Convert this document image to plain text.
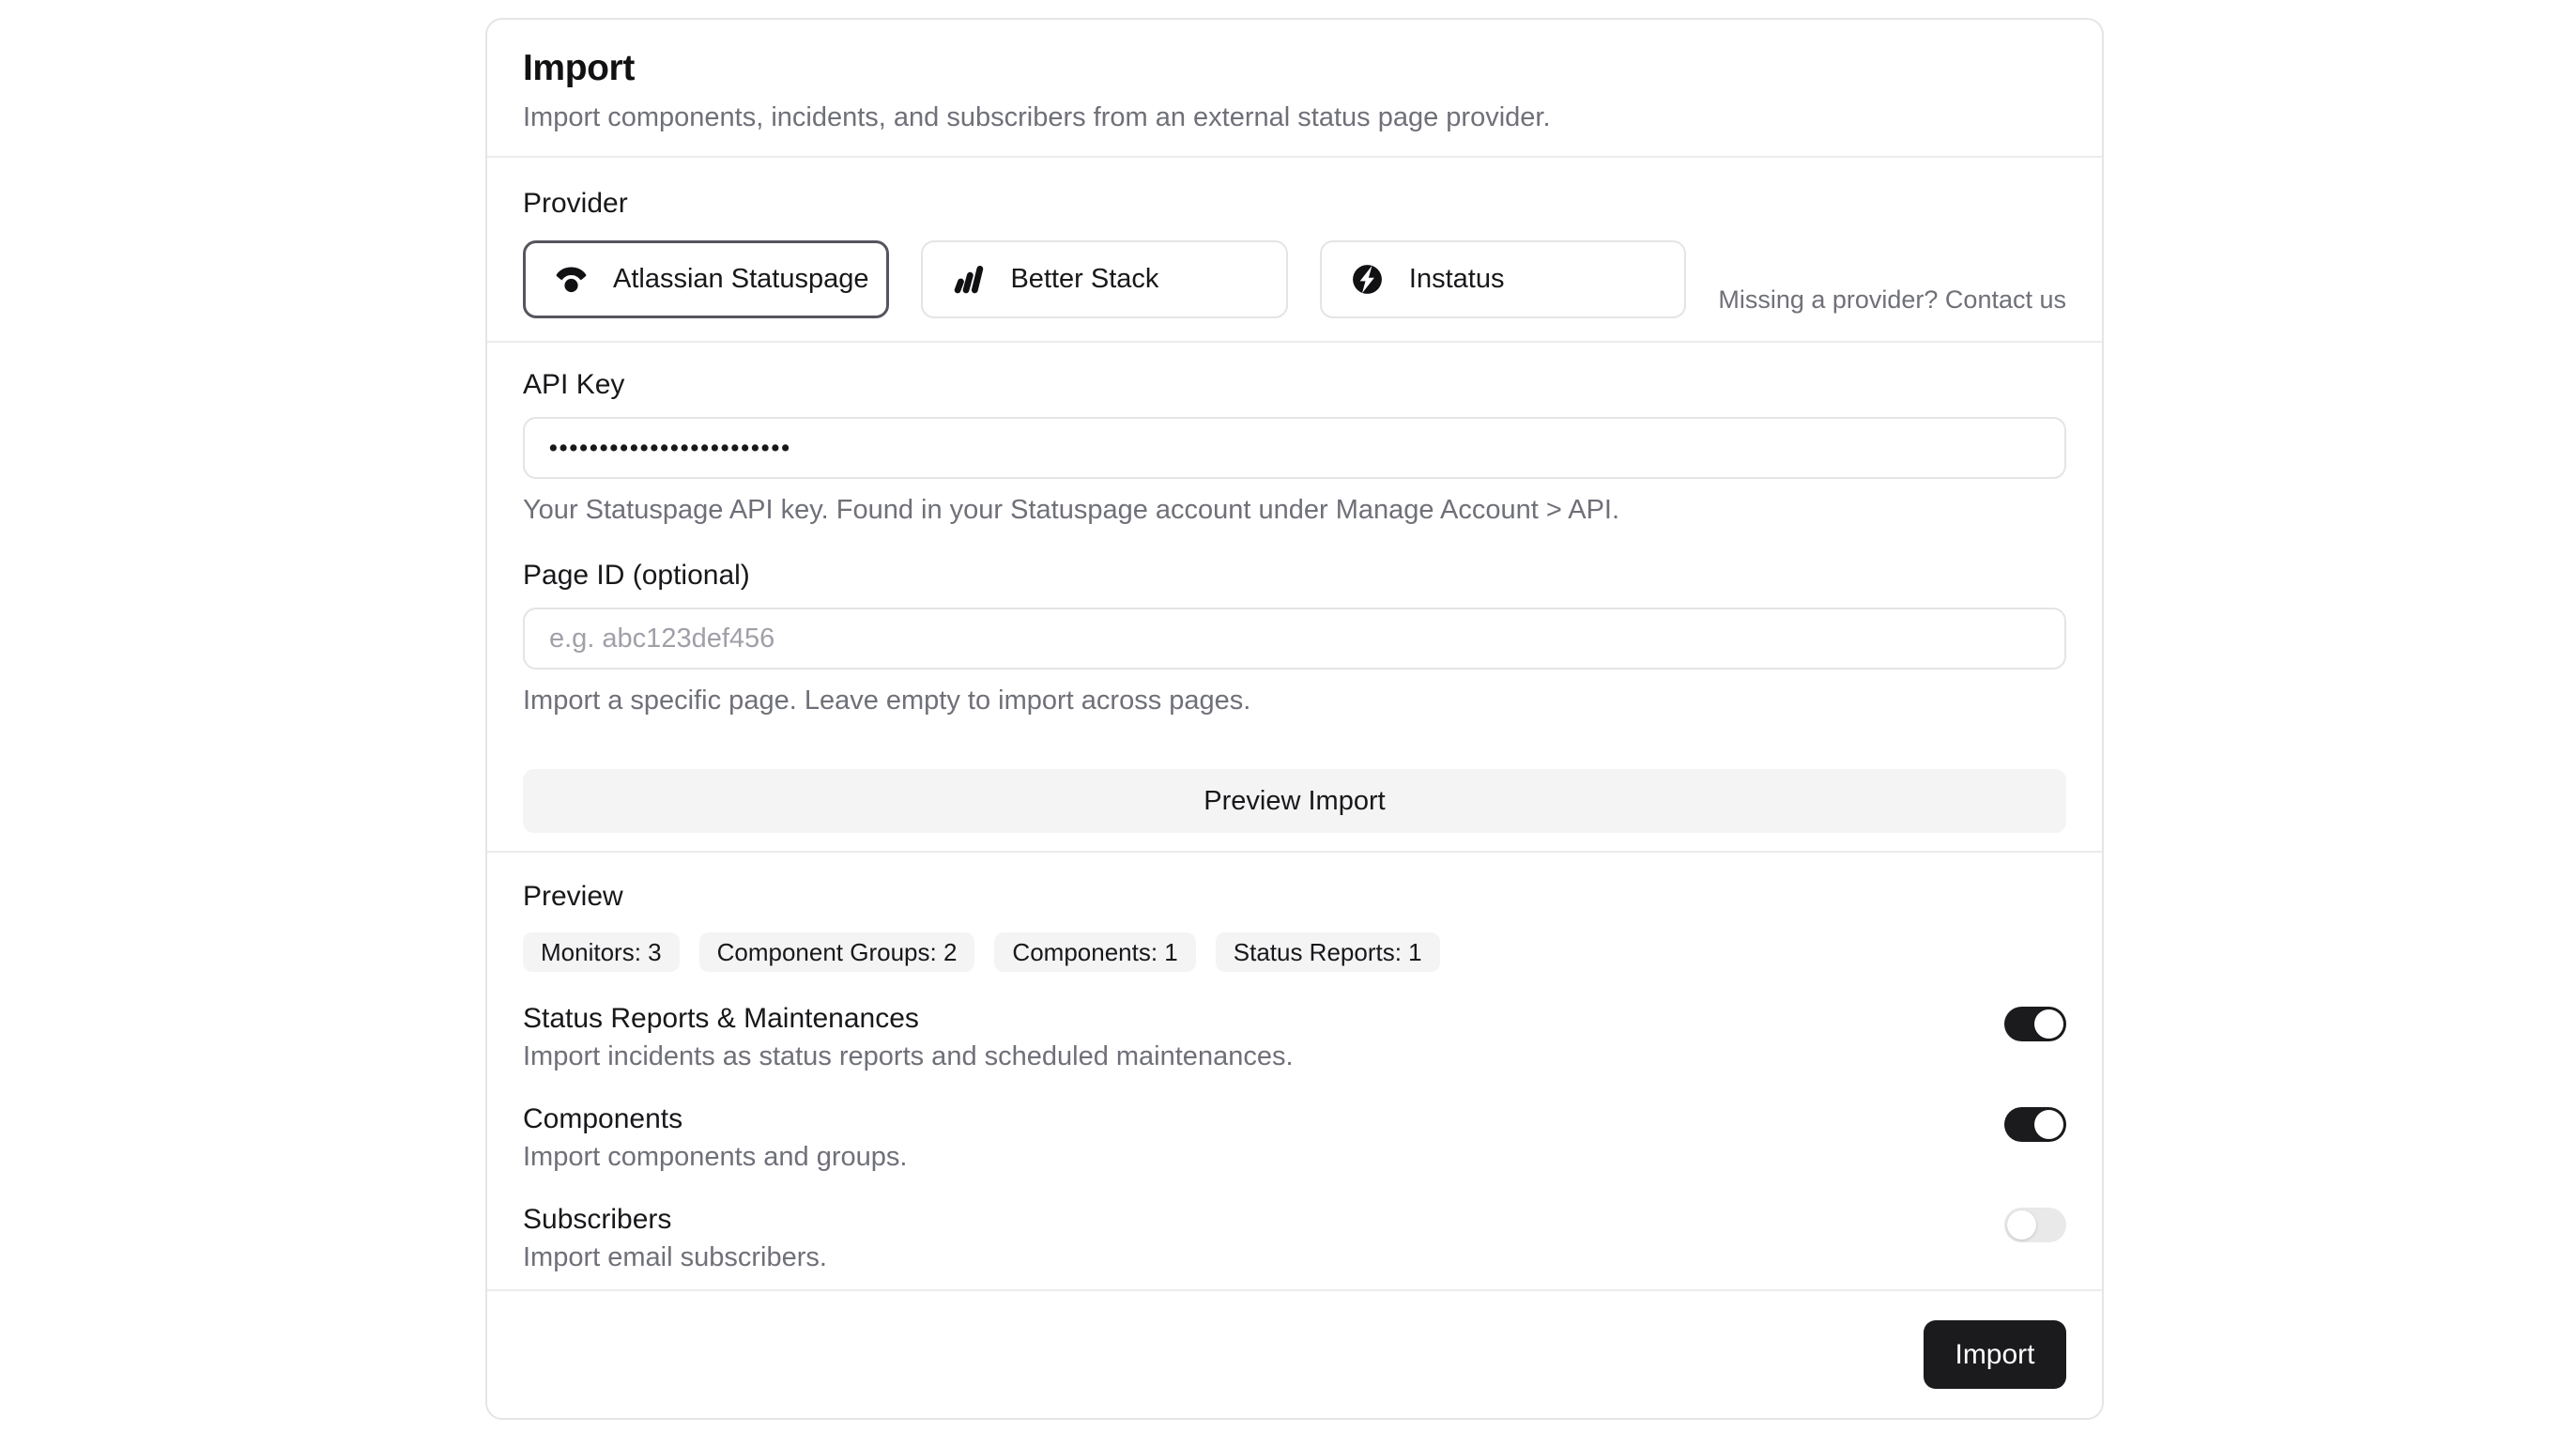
Import

Import components, incidents, and subscribers from an external status page provider.

Provider
Atlassian Statuspage	Better Stack	Instatus
Missing a provider? Contact us
API Key
••••••••••••••••••••••••
Your Statuspage API key. Found in your Statuspage account under Manage Account > API.
Page ID (optional)
e.g. abc123def456
Import a specific page. Leave empty to import across pages.
Preview Import
Preview
Monitors: 3	Component Groups: 2	Components: 1	Status Reports: 1
Status Reports & Maintenances
Import incidents as status reports and scheduled maintenances.
Components
Import components and groups.
Subscribers
Import email subscribers.
Import
